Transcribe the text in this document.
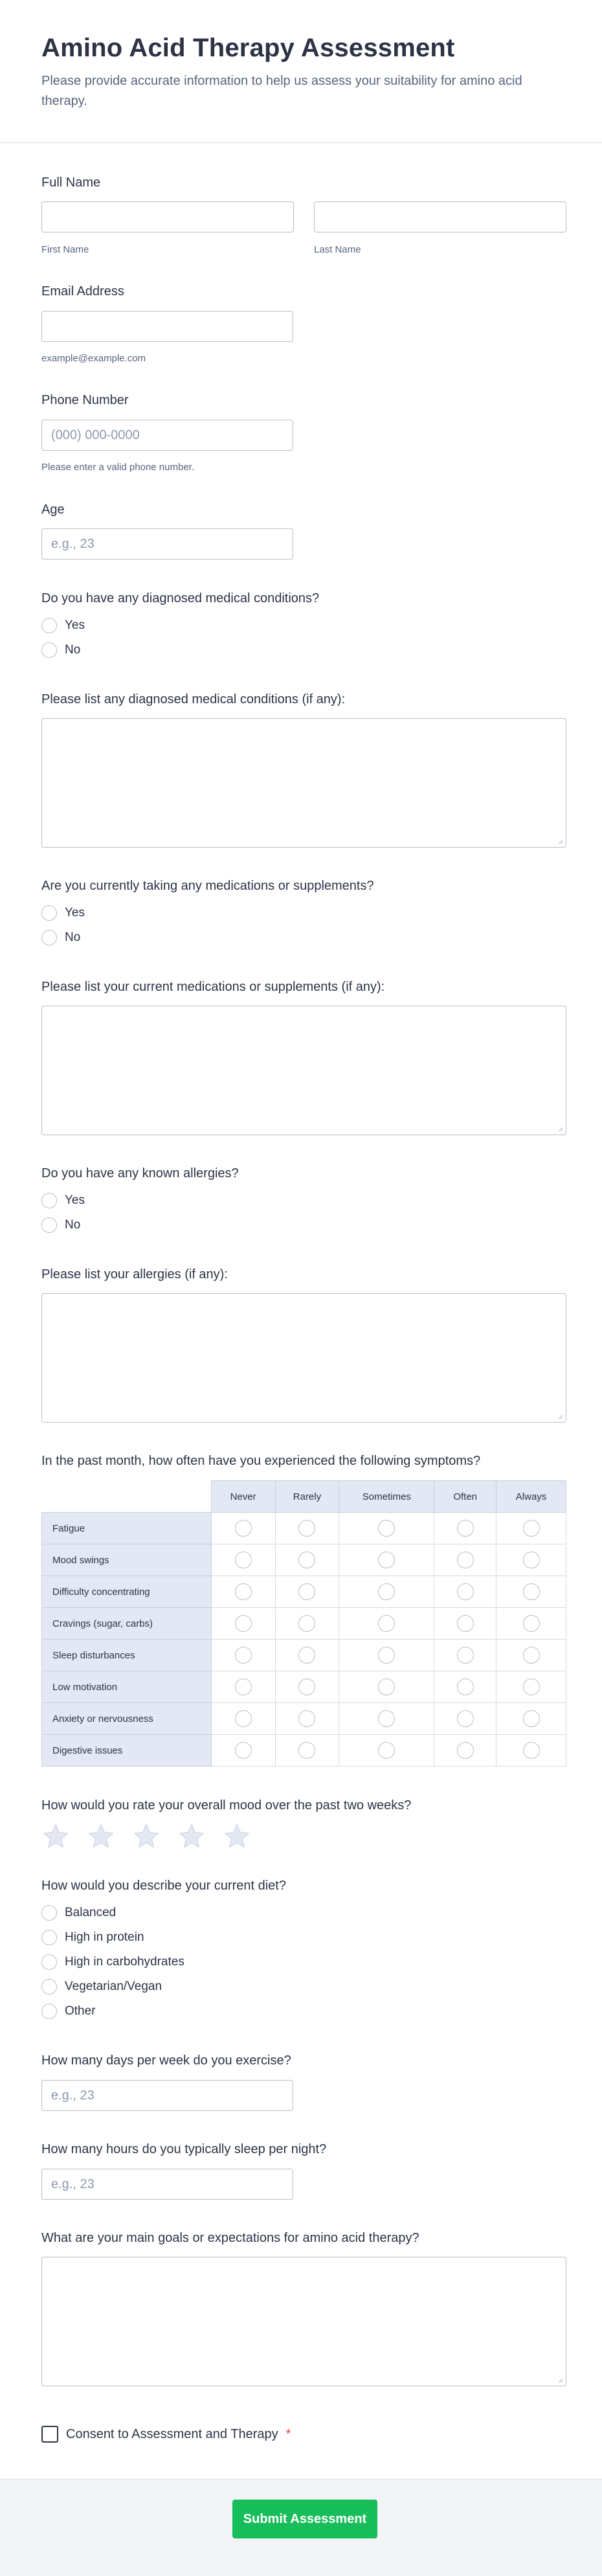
Amino Acid Therapy Assessment

Please provide accurate information to help us assess your suitability for amino acid therapy.

Full Name
First Name	Last Name
Email Address
example@example.com
Phone Number
(000) 000-0000
Please enter a valid phone number.
Age
e.g., 23
Do you have any diagnosed medical conditions?
Yes
No
Please list any diagnosed medical conditions (if any):
Are you currently taking any medications or supplements?
Yes
No
Please list your current medications or supplements (if any):
Do you have any known allergies?
Yes
No
Please list your allergies (if any):
In the past month, how often have you experienced the following symptoms?
	Never	Rarely	Sometimes	Often	Always
Fatigue					
Mood swings					
Difficulty concentrating					
Cravings (sugar, carbs)					
Sleep disturbances					
Low motivation					
Anxiety or nervousness					
Digestive issues					
How would you rate your overall mood over the past two weeks?
How would you describe your current diet?
Balanced
High in protein
High in carbohydrates
Vegetarian/Vegan
Other
How many days per week do you exercise?
e.g., 23
How many hours do you typically sleep per night?
e.g., 23
What are your main goals or expectations for amino acid therapy?
Consent to Assessment and Therapy *
Submit Assessment
